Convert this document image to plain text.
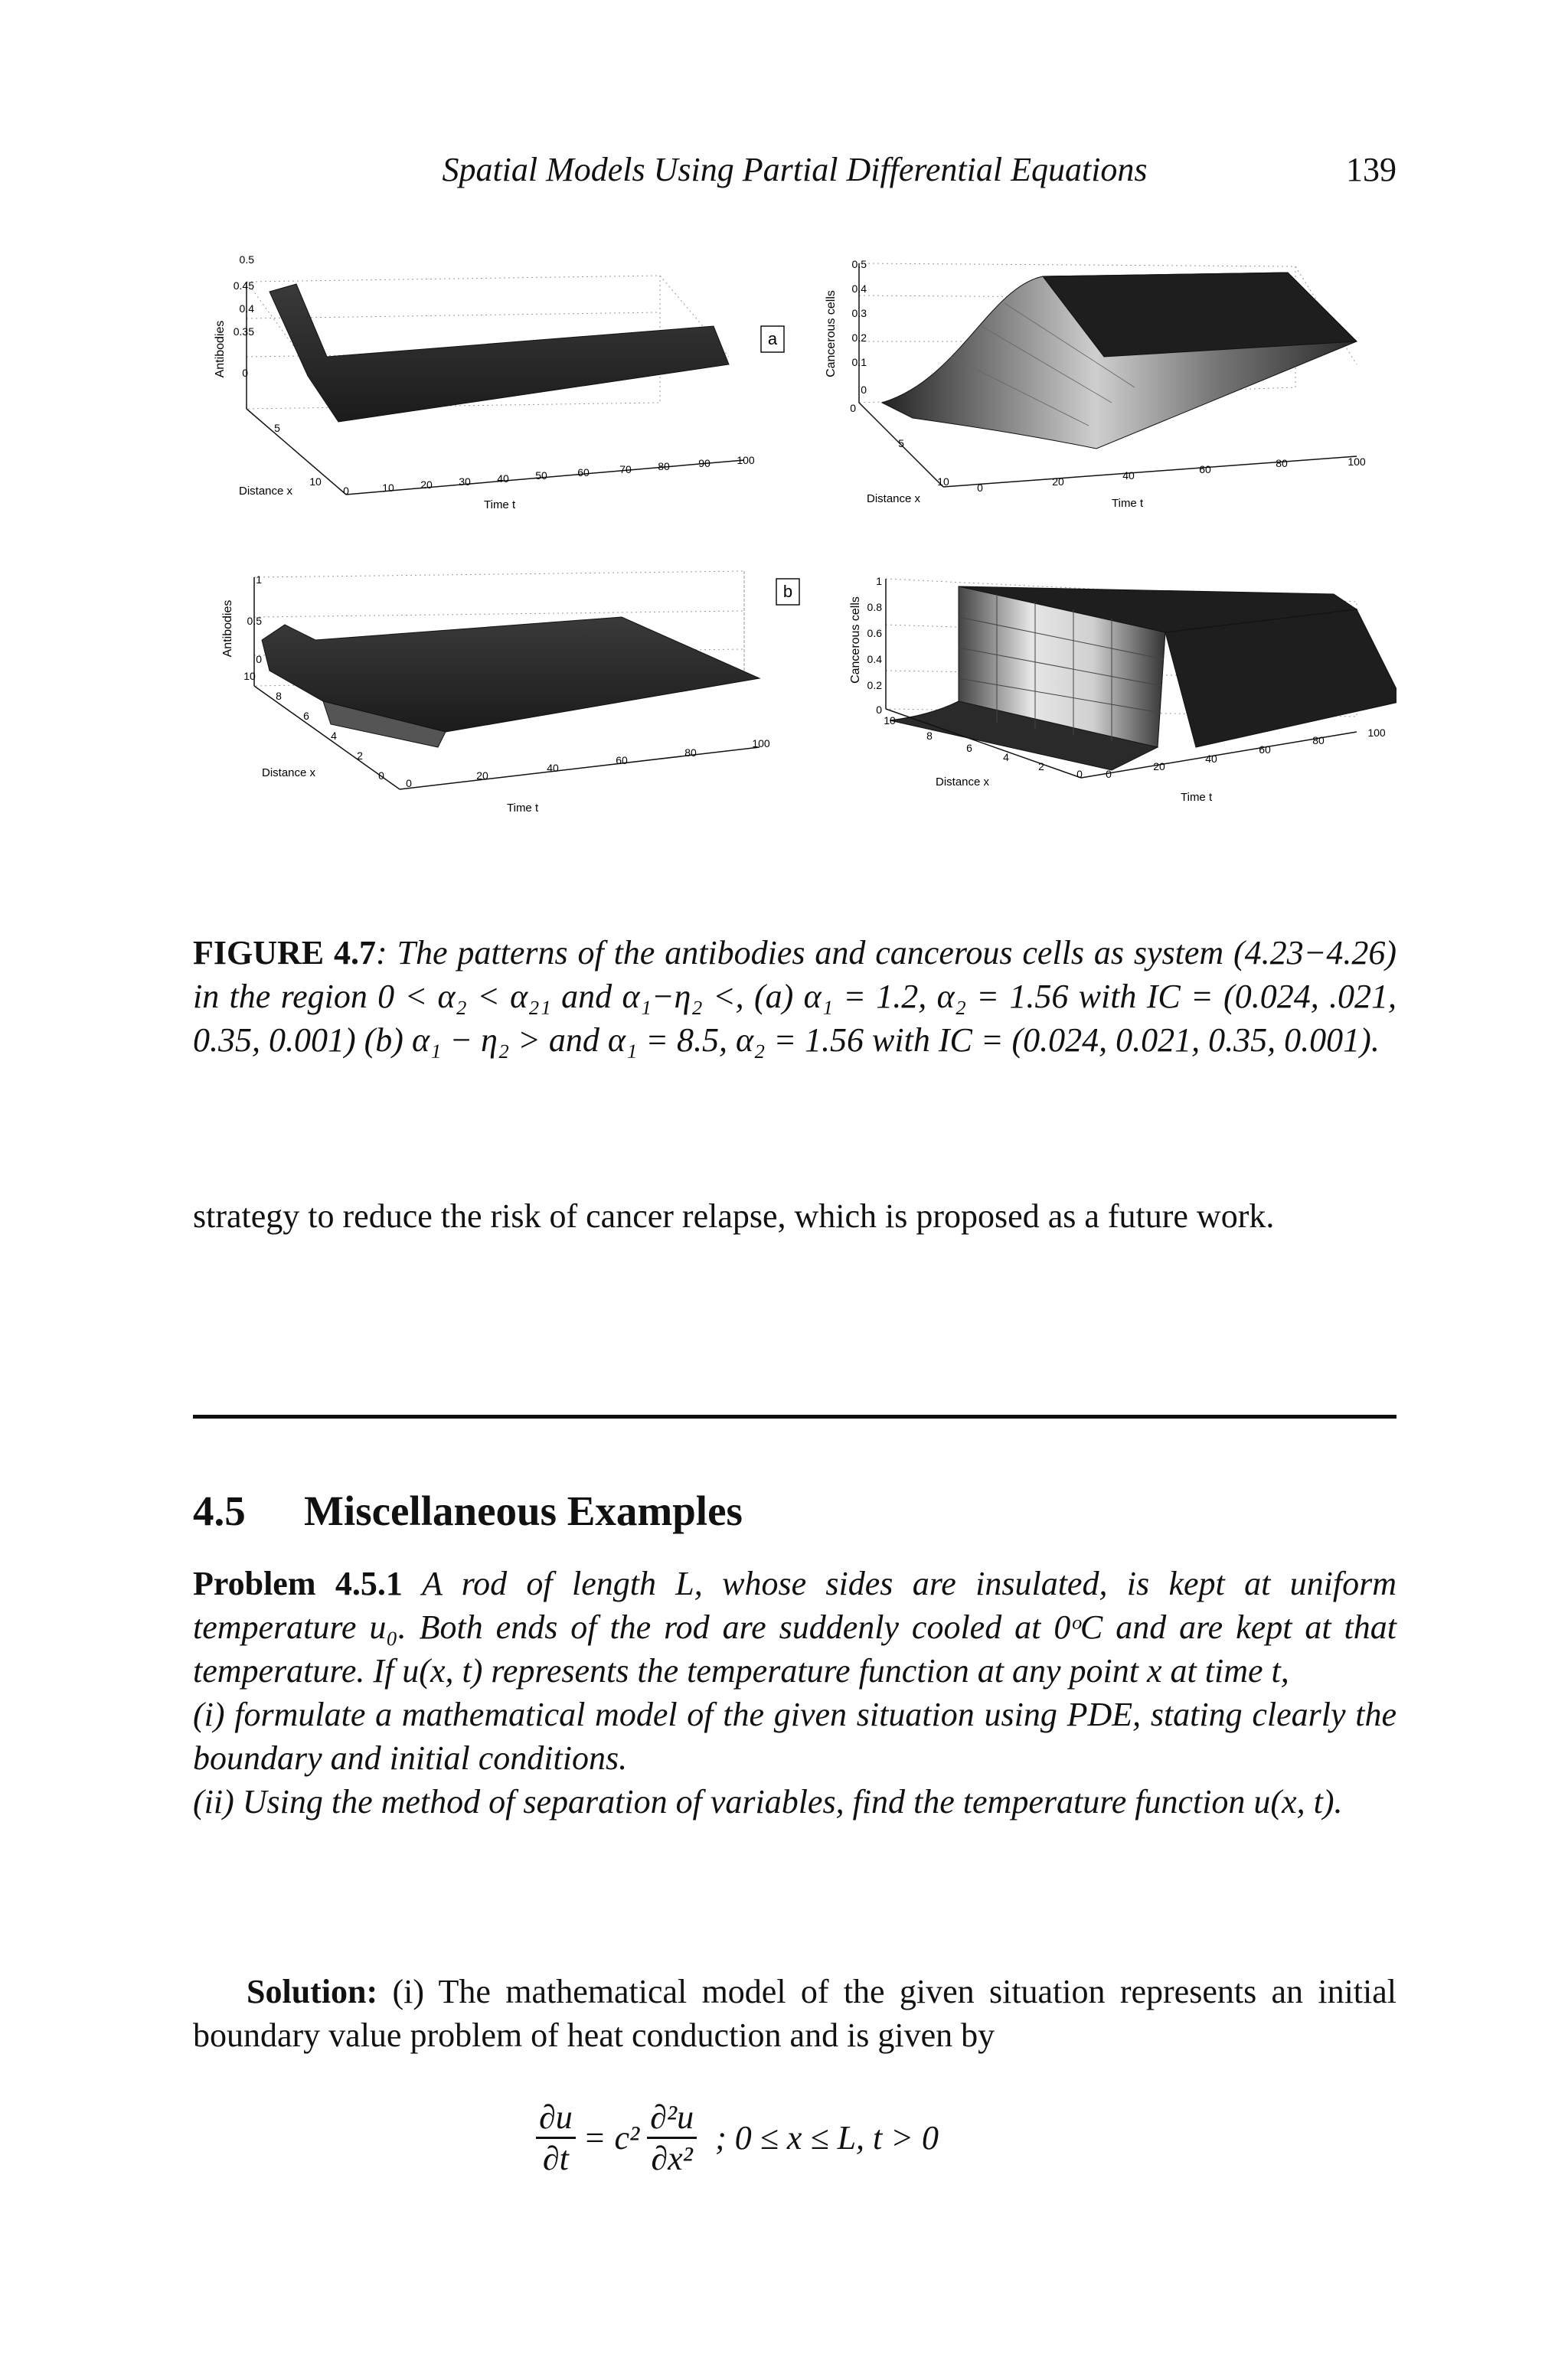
Spatial Models Using Partial Differential Equations	139
Antibodies
Distance x
Time t
0.5
0.45
0.4
0.35
0
5
10
0	10 20 30 40 50	60	70 80	90 100
a	Cancerous cells
Distance x	Time t
0.5
0.4
0.3
0.2
0.1
0
0
5
10	0	20	40	60	80	100
Antibodies
Distance x
Time t
1
0.5
0
10
8
6
4
2
0
0
20
40
60
80
100
b
Cancerous cells
Distance x
Time t
1
0.8
0.6
0.4
0.2
0
10
8
6
4
2
0 0
20
40
60
80
100
FIGURE 4.7: The patterns of the antibodies and cancerous cells as system (4.23−4.26) in the region 0 < α₂ < α₂₁ and α₁−η₂ <, (a) α₁ = 1.2, α₂ = 1.56 with IC = (0.024, .021, 0.35, 0.001) (b) α₁ − η₂ > and α₁ = 8.5, α₂ = 1.56 with IC = (0.024, 0.021, 0.35, 0.001).
strategy to reduce the risk of cancer relapse, which is proposed as a future work.
4.5 Miscellaneous Examples
Problem 4.5.1 A rod of length L, whose sides are insulated, is kept at uniform temperature u₀. Both ends of the rod are suddenly cooled at 0ᵒC and are kept at that temperature. If u(x, t) represents the temperature function at any point x at time t,
(i) formulate a mathematical model of the given situation using PDE, stating clearly the boundary and initial conditions.
(ii) Using the method of separation of variables, find the temperature function u(x, t).
Solution: (i) The mathematical model of the given situation represents an initial boundary value problem of heat conduction and is given by
$\frac{\partial u}{\partial t} = c^2 \frac{\text{∂²u}}{\text{∂x²}}$ ; 0 ≤ x ≤ L, t > 0
